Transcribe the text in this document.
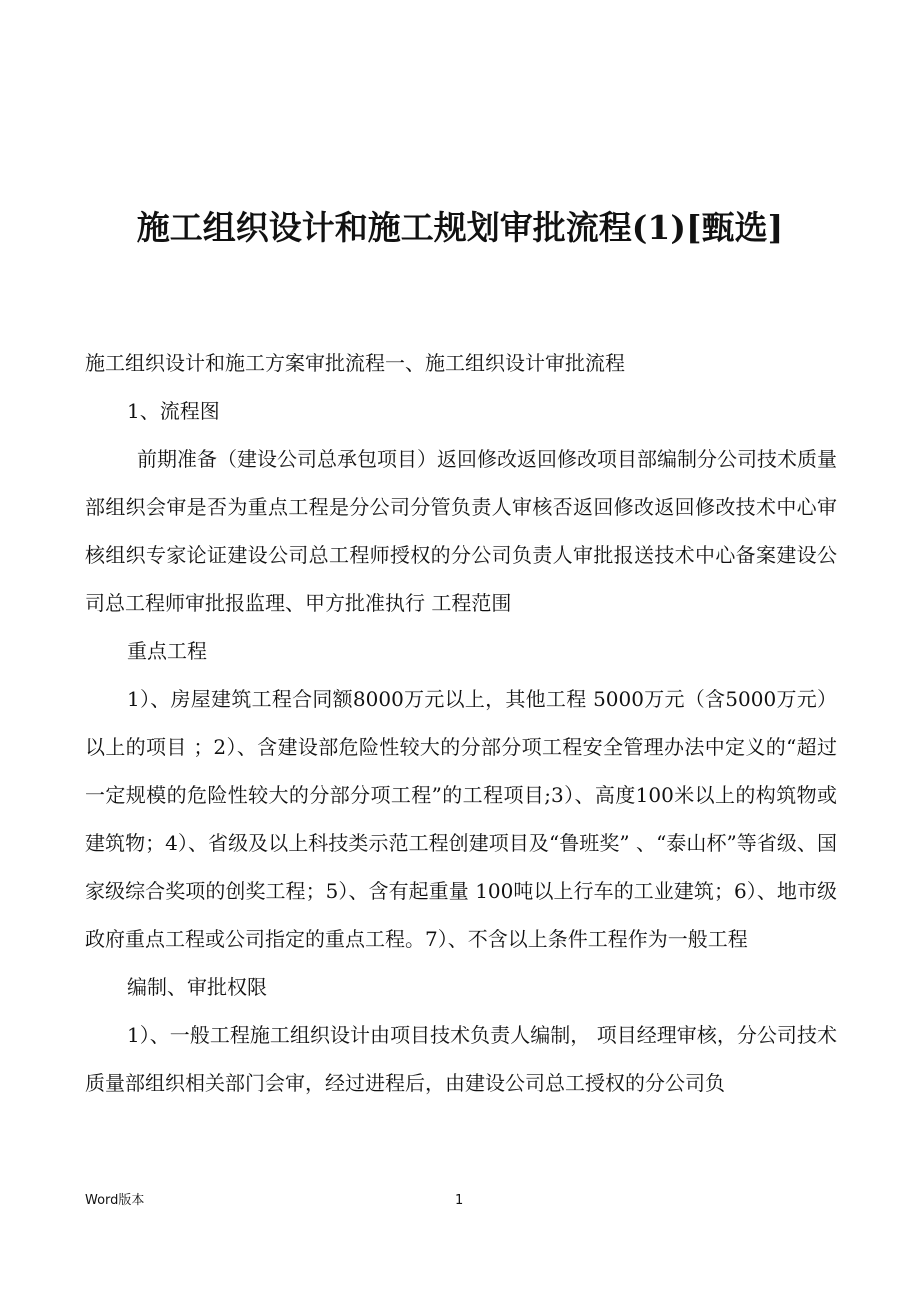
施工组织设计和施工规划审批流程(1)[甄选]

施工组织设计和施工方案审批流程一、施工组织设计审批流程

1、流程图

前期准备（建设公司总承包项目）返回修改返回修改项目部编制分公司技术质量部组织会审是否为重点工程是分公司分管负责人审核否返回修改返回修改技术中心审核组织专家论证建设公司总工程师授权的分公司负责人审批报送技术中心备案建设公司总工程师审批报监理、甲方批准执行 工程范围

重点工程

1）、房屋建筑工程合同额8000万元以上，其他工程 5000万元（含5000万元）以上的项目 ；2）、含建设部危险性较大的分部分项工程安全管理办法中定义的“超过一定规模的危险性较大的分部分项工程”的工程项目;3）、高度100米以上的构筑物或建筑物；4）、省级及以上科技类示范工程创建项目及“鲁班奖” 、“泰山杯”等省级、国家级综合奖项的创奖工程；5）、含有起重量 100吨以上行车的工业建筑；6）、地市级政府重点工程或公司指定的重点工程。7）、不含以上条件工程作为一般工程

编制、审批权限

1）、一般工程施工组织设计由项目技术负责人编制， 项目经理审核，分公司技术质量部组织相关部门会审，经过进程后，由建设公司总工授权的分公司负

Word版本	1
